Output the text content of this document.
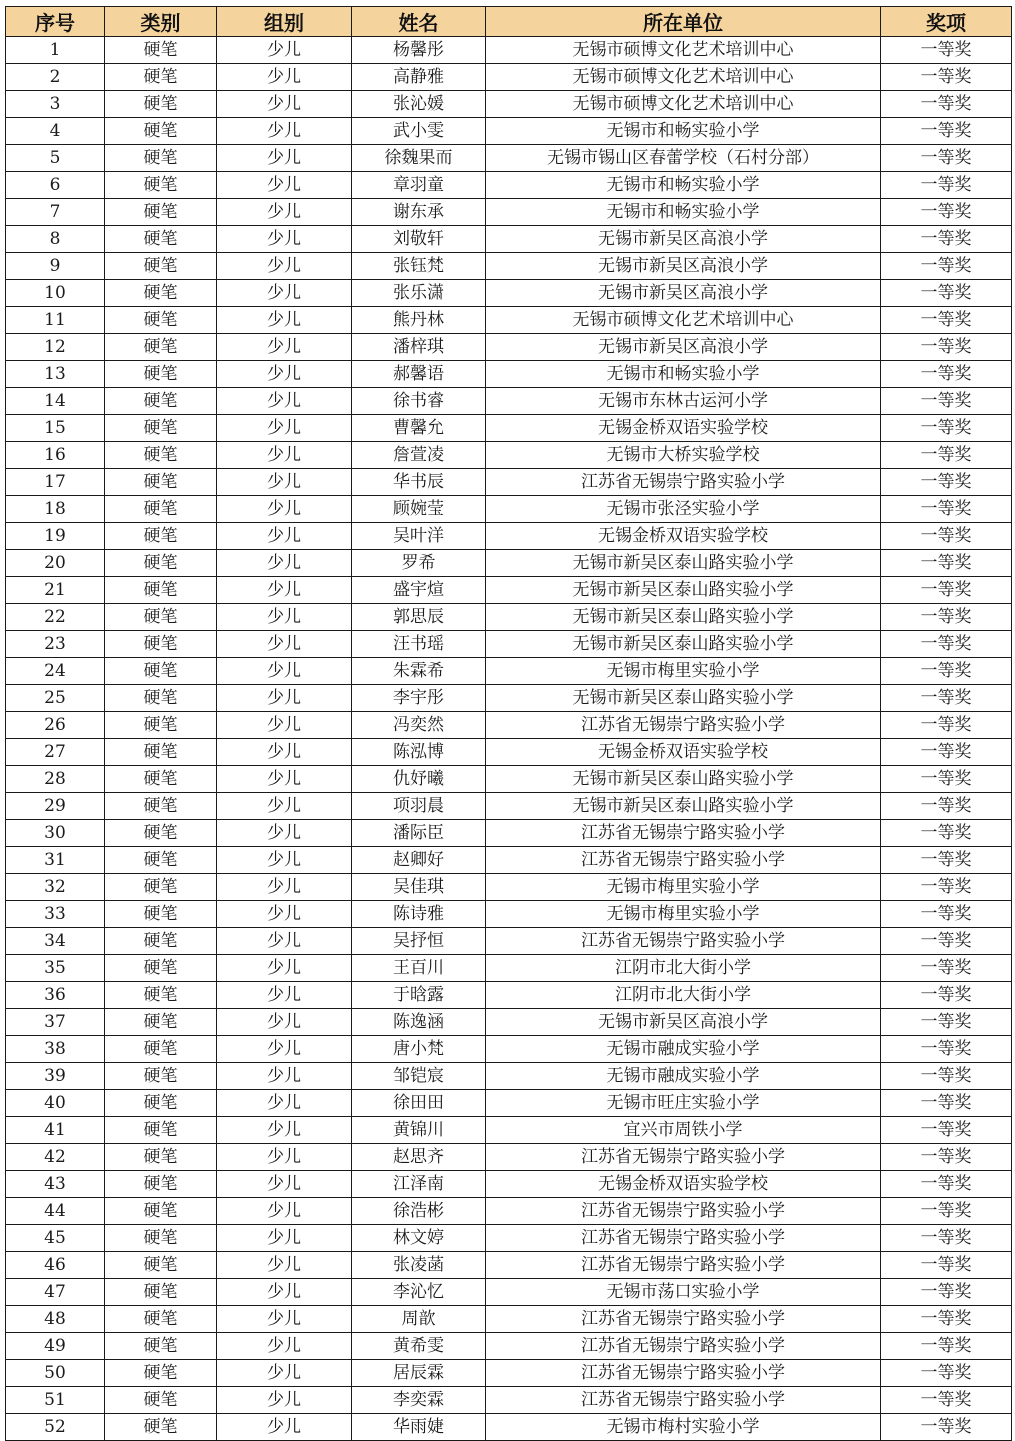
序号	类别	组别	姓名	所在单位	奖项
1	硬笔	少儿	杨馨彤	无锡市硕博文化艺术培训中心	一等奖
2	硬笔	少儿	高静雅	无锡市硕博文化艺术培训中心	一等奖
3	硬笔	少儿	张沁媛	无锡市硕博文化艺术培训中心	一等奖
4	硬笔	少儿	武小雯	无锡市和畅实验小学	一等奖
5	硬笔	少儿	徐魏果而	无锡市锡山区春蕾学校（石村分部）	一等奖
6	硬笔	少儿	章羽童	无锡市和畅实验小学	一等奖
7	硬笔	少儿	谢东承	无锡市和畅实验小学	一等奖
8	硬笔	少儿	刘敬轩	无锡市新吴区高浪小学	一等奖
9	硬笔	少儿	张钰梵	无锡市新吴区高浪小学	一等奖
10	硬笔	少儿	张乐潇	无锡市新吴区高浪小学	一等奖
11	硬笔	少儿	熊丹林	无锡市硕博文化艺术培训中心	一等奖
12	硬笔	少儿	潘梓琪	无锡市新吴区高浪小学	一等奖
13	硬笔	少儿	郝馨语	无锡市和畅实验小学	一等奖
14	硬笔	少儿	徐书睿	无锡市东林古运河小学	一等奖
15	硬笔	少儿	曹馨允	无锡金桥双语实验学校	一等奖
16	硬笔	少儿	詹萱凌	无锡市大桥实验学校	一等奖
17	硬笔	少儿	华书辰	江苏省无锡崇宁路实验小学	一等奖
18	硬笔	少儿	顾婉莹	无锡市张泾实验小学	一等奖
19	硬笔	少儿	吴叶洋	无锡金桥双语实验学校	一等奖
20	硬笔	少儿	罗希	无锡市新吴区泰山路实验小学	一等奖
21	硬笔	少儿	盛宇煊	无锡市新吴区泰山路实验小学	一等奖
22	硬笔	少儿	郭思辰	无锡市新吴区泰山路实验小学	一等奖
23	硬笔	少儿	汪书瑶	无锡市新吴区泰山路实验小学	一等奖
24	硬笔	少儿	朱霖希	无锡市梅里实验小学	一等奖
25	硬笔	少儿	李宇彤	无锡市新吴区泰山路实验小学	一等奖
26	硬笔	少儿	冯奕然	江苏省无锡崇宁路实验小学	一等奖
27	硬笔	少儿	陈泓博	无锡金桥双语实验学校	一等奖
28	硬笔	少儿	仇妤曦	无锡市新吴区泰山路实验小学	一等奖
29	硬笔	少儿	项羽晨	无锡市新吴区泰山路实验小学	一等奖
30	硬笔	少儿	潘际臣	江苏省无锡崇宁路实验小学	一等奖
31	硬笔	少儿	赵卿好	江苏省无锡崇宁路实验小学	一等奖
32	硬笔	少儿	吴佳琪	无锡市梅里实验小学	一等奖
33	硬笔	少儿	陈诗雅	无锡市梅里实验小学	一等奖
34	硬笔	少儿	吴抒恒	江苏省无锡崇宁路实验小学	一等奖
35	硬笔	少儿	王百川	江阴市北大街小学	一等奖
36	硬笔	少儿	于晗露	江阴市北大街小学	一等奖
37	硬笔	少儿	陈逸涵	无锡市新吴区高浪小学	一等奖
38	硬笔	少儿	唐小梵	无锡市融成实验小学	一等奖
39	硬笔	少儿	邹铠宸	无锡市融成实验小学	一等奖
40	硬笔	少儿	徐田田	无锡市旺庄实验小学	一等奖
41	硬笔	少儿	黄锦川	宜兴市周铁小学	一等奖
42	硬笔	少儿	赵思齐	江苏省无锡崇宁路实验小学	一等奖
43	硬笔	少儿	江泽南	无锡金桥双语实验学校	一等奖
44	硬笔	少儿	徐浩彬	江苏省无锡崇宁路实验小学	一等奖
45	硬笔	少儿	林文婷	江苏省无锡崇宁路实验小学	一等奖
46	硬笔	少儿	张凌菡	江苏省无锡崇宁路实验小学	一等奖
47	硬笔	少儿	李沁忆	无锡市荡口实验小学	一等奖
48	硬笔	少儿	周歆	江苏省无锡崇宁路实验小学	一等奖
49	硬笔	少儿	黄希雯	江苏省无锡崇宁路实验小学	一等奖
50	硬笔	少儿	居辰霖	江苏省无锡崇宁路实验小学	一等奖
51	硬笔	少儿	李奕霖	江苏省无锡崇宁路实验小学	一等奖
52	硬笔	少儿	华雨婕	无锡市梅村实验小学	一等奖
